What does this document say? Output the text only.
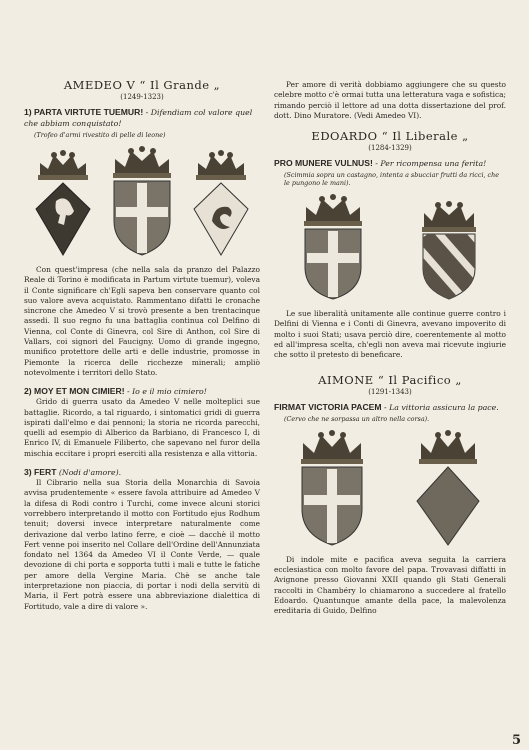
AMEDEO V “ Il Grande „
(1249-1323)

1) PARTA VIRTUTE TUEMUR! - Difendiam col valore quel che abbiam conquistato!

(Trofeo d'armi rivestito di pelle di leone)

Con quest'impresa (che nella sala da pranzo del Palazzo Reale di Torino è modificata in Partum virtute tuemur), voleva il Conte significare ch'Egli sapeva ben conservare quanto col suo valore aveva acquistato. Rammentano difatti le cronache sincrone che Amedeo V si trovò presente a ben trentacinque assedi. Il suo regno fu una battaglia continua col Delfino di Vienna, col Conte di Ginevra, col Sire di Anthon, col Sire di Vallars, coi signori del Faucigny. Uomo di grande ingegno, munifico protettore delle arti e delle industrie, promosse in Piemonte la ricerca delle ricchezze minerali; ampliò notevolmente i territori dello Stato.

2) MOY ET MON CIMIER! - Io e il mio cimiero!

Grido di guerra usato da Amedeo V nelle molteplici sue battaglie. Ricordo, a tal riguardo, i sintomatici gridi di guerra ispirati dall'elmo e dai pennoni; la storia ne ricorda parecchi, quelli ad esempio di Alberico da Barbiano, di Francesco I, di Enrico IV, di Emanuele Filiberto, che sapevano nel furor della mischia eccitare i propri eserciti alla resistenza e alla vittoria.

3) FERT (Nodi d'amore).

Il Cibrario nella sua Storia della Monarchia di Savoia avvisa prudentemente « essere favola attribuire ad Amedeo V la difesa di Rodi contro i Turchi, come invece alcuni storici vorrebbero interpretando il motto con Fortitudo ejus Rodhum tenuit; doversi invece interpretare naturalmente come derivazione dal verbo latino ferre, e cioè — dacchè il motto Fert venne poi inserito nel Collare dell'Ordine dell'Annunziata fondato nel 1364 da Amedeo VI il Conte Verde, — quale devozione di chi porta e sopporta tutti i mali e tutte le fatiche per amore della Vergine Maria. Chè se anche tale interpretazione non piaccia, di portar i nodi della servitù di Maria, il Fert potrà essere una abbreviazione dialettica di Fortitudo, vale a dire di valore ».

Per amore di verità dobbiamo aggiungere che su questo celebre motto c'è ormai tutta una letteratura vaga e sofistica; rimando perciò il lettore ad una dotta dissertazione del prof. dott. Dino Muratore. (Vedi Amedeo VI).

EDOARDO “ Il Liberale „
(1284-1329)

PRO MUNERE VULNUS! - Per ricompensa una ferita!

(Scimmia sopra un castagno, intenta a sbucciar frutti da ricci, che le pungono le mani).

Le sue liberalità unitamente alle continue guerre contro i Delfini di Vienna e i Conti di Ginevra, avevano impoverito di molto i suoi Stati; usava perciò dire, coerentemente al motto ed all'impresa scelta, ch'egli non aveva mai ricevute ingiurie che sotto il pretesto di beneficare.

AIMONE “ Il Pacifico „
(1291-1343)

FIRMAT VICTORIA PACEM - La vittoria assicura la pace.

(Cervo che ne sorpassa un altro nella corsa).

Di indole mite e pacifica aveva seguita la carriera ecclesiastica con molto favore del papa. Trovavasi diffatti in Avignone presso Giovanni XXII quando gli Stati Generali raccolti in Chambéry lo chiamarono a succedere al fratello Edoardo. Quantunque amante della pace, la malevolenza ereditaria di Guido, Delfino

5
